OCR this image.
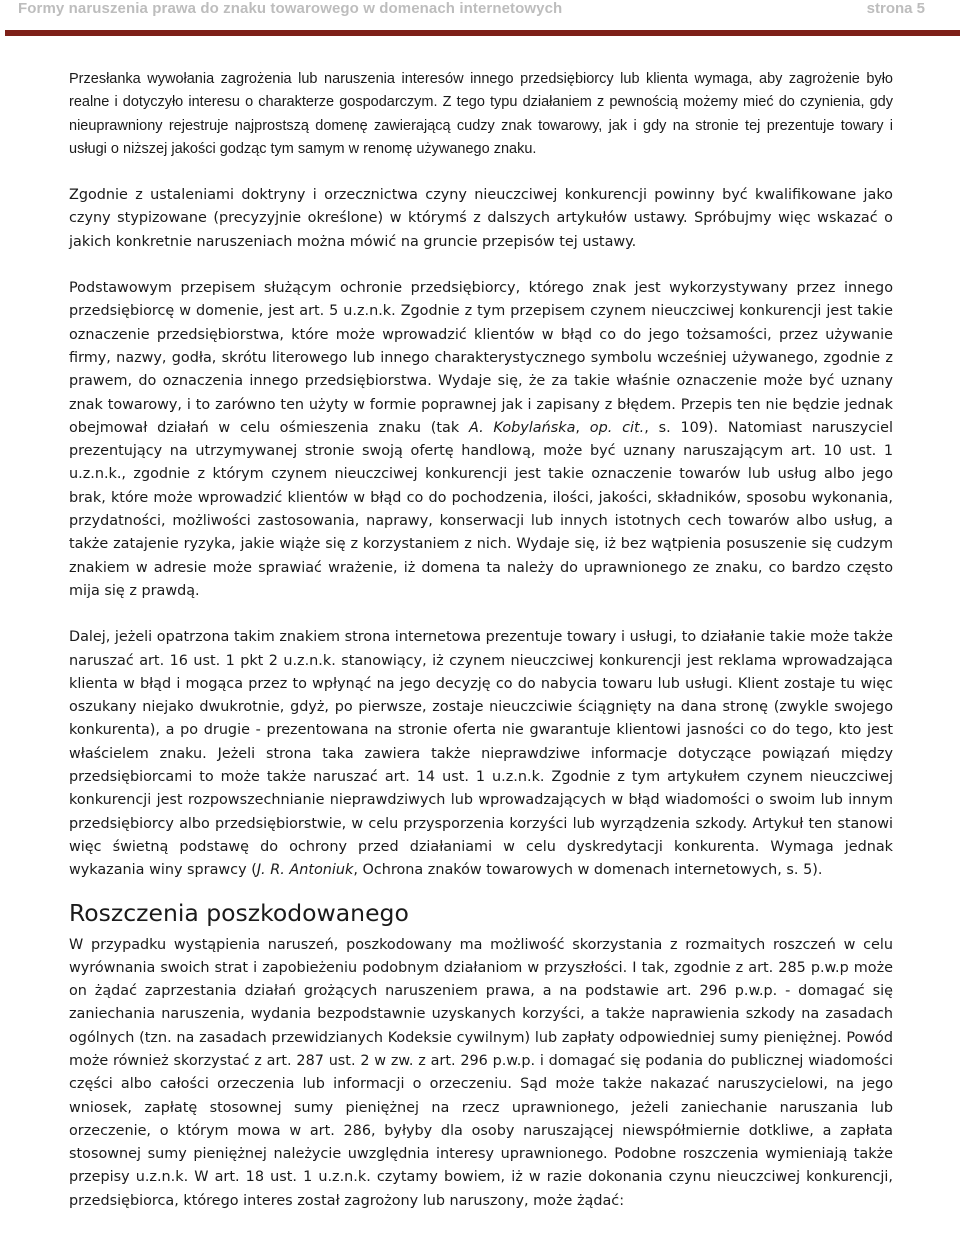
Formy naruszenia prawa do znaku towarowego w domenach internetowych	strona 5

Przesłanka wywołania zagrożenia lub naruszenia interesów innego przedsiębiorcy lub klienta wymaga, aby zagrożenie było realne i dotyczyło interesu o charakterze gospodarczym. Z tego typu działaniem z pewnością możemy mieć do czynienia, gdy nieuprawniony rejestruje najprostszą domenę zawierającą cudzy znak towarowy, jak i gdy na stronie tej prezentuje towary i usługi o niższej jakości godząc tym samym w renomę używanego znaku.

Zgodnie z ustaleniami doktryny i orzecznictwa czyny nieuczciwej konkurencji powinny być kwalifikowane jako czyny stypizowane (precyzyjnie określone) w którymś z dalszych artykułów ustawy. Spróbujmy więc wskazać o jakich konkretnie naruszeniach można mówić na gruncie przepisów tej ustawy.

Podstawowym przepisem służącym ochronie przedsiębiorcy, którego znak jest wykorzystywany przez innego przedsiębiorcę w domenie, jest art. 5 u.z.n.k. Zgodnie z tym przepisem czynem nieuczciwej konkurencji jest takie oznaczenie przedsiębiorstwa, które może wprowadzić klientów w błąd co do jego tożsamości, przez używanie firmy, nazwy, godła, skrótu literowego lub innego charakterystycznego symbolu wcześniej używanego, zgodnie z prawem, do oznaczenia innego przedsiębiorstwa. Wydaje się, że za takie właśnie oznaczenie może być uznany znak towarowy, i to zarówno ten użyty w formie poprawnej jak i zapisany z błędem. Przepis ten nie będzie jednak obejmował działań w celu ośmieszenia znaku (tak A. Kobylańska, op. cit., s. 109). Natomiast naruszyciel prezentujący na utrzymywanej stronie swoją ofertę handlową, może być uznany naruszającym art. 10 ust. 1 u.z.n.k., zgodnie z którym czynem nieuczciwej konkurencji jest takie oznaczenie towarów lub usług albo jego brak, które może wprowadzić klientów w błąd co do pochodzenia, ilości, jakości, składników, sposobu wykonania, przydatności, możliwości zastosowania, naprawy, konserwacji lub innych istotnych cech towarów albo usług, a także zatajenie ryzyka, jakie wiąże się z korzystaniem z nich. Wydaje się, iż bez wątpienia posuszenie się cudzym znakiem w adresie może sprawiać wrażenie, iż domena ta należy do uprawnionego ze znaku, co bardzo często mija się z prawdą.

Dalej, jeżeli opatrzona takim znakiem strona internetowa prezentuje towary i usługi, to działanie takie może także naruszać art. 16 ust. 1 pkt 2 u.z.n.k. stanowiący, iż czynem nieuczciwej konkurencji jest reklama wprowadzająca klienta w błąd i mogąca przez to wpłynąć na jego decyzję co do nabycia towaru lub usługi. Klient zostaje tu więc oszukany niejako dwukrotnie, gdyż, po pierwsze, zostaje nieuczciwie ściągnięty na dana stronę (zwykle swojego konkurenta), a po drugie - prezentowana na stronie oferta nie gwarantuje klientowi jasności co do tego, kto jest właścielem znaku. Jeżeli strona taka zawiera także nieprawdziwe informacje dotyczące powiązań między przedsiębiorcami to może także naruszać art. 14 ust. 1 u.z.n.k. Zgodnie z tym artykułem czynem nieuczciwej konkurencji jest rozpowszechnianie nieprawdziwych lub wprowadzających w błąd wiadomości o swoim lub innym przedsiębiorcy albo przedsiębiorstwie, w celu przysporzenia korzyści lub wyrządzenia szkody. Artykuł ten stanowi więc świetną podstawę do ochrony przed działaniami w celu dyskredytacji konkurenta. Wymaga jednak wykazania winy sprawcy (J. R. Antoniuk, Ochrona znaków towarowych w domenach internetowych, s. 5).

Roszczenia poszkodowanego

W przypadku wystąpienia naruszeń, poszkodowany ma możliwość skorzystania z rozmaitych roszczeń w celu wyrównania swoich strat i zapobieżeniu podobnym działaniom w przyszłości. I tak, zgodnie z art. 285 p.w.p może on żądać zaprzestania działań grożących naruszeniem prawa, a na podstawie art. 296 p.w.p. - domagać się zaniechania naruszenia, wydania bezpodstawnie uzyskanych korzyści, a także naprawienia szkody na zasadach ogólnych (tzn. na zasadach przewidzianych Kodeksie cywilnym) lub zapłaty odpowiedniej sumy pieniężnej. Powód może również skorzystać z art. 287 ust. 2 w zw. z art. 296 p.w.p. i domagać się podania do publicznej wiadomości części albo całości orzeczenia lub informacji o orzeczeniu. Sąd może także nakazać naruszycielowi, na jego wniosek, zapłatę stosownej sumy pieniężnej na rzecz uprawnionego, jeżeli zaniechanie naruszania lub orzeczenie, o którym mowa w art. 286, byłyby dla osoby naruszającej niewspółmiernie dotkliwe, a zapłata stosownej sumy pieniężnej należycie uwzględnia interesy uprawnionego. Podobne roszczenia wymieniają także przepisy u.z.n.k. W art. 18 ust. 1 u.z.n.k. czytamy bowiem, iż w razie dokonania czynu nieuczciwej konkurencji, przedsiębiorca, którego interes został zagrożony lub naruszony, może żądać:
